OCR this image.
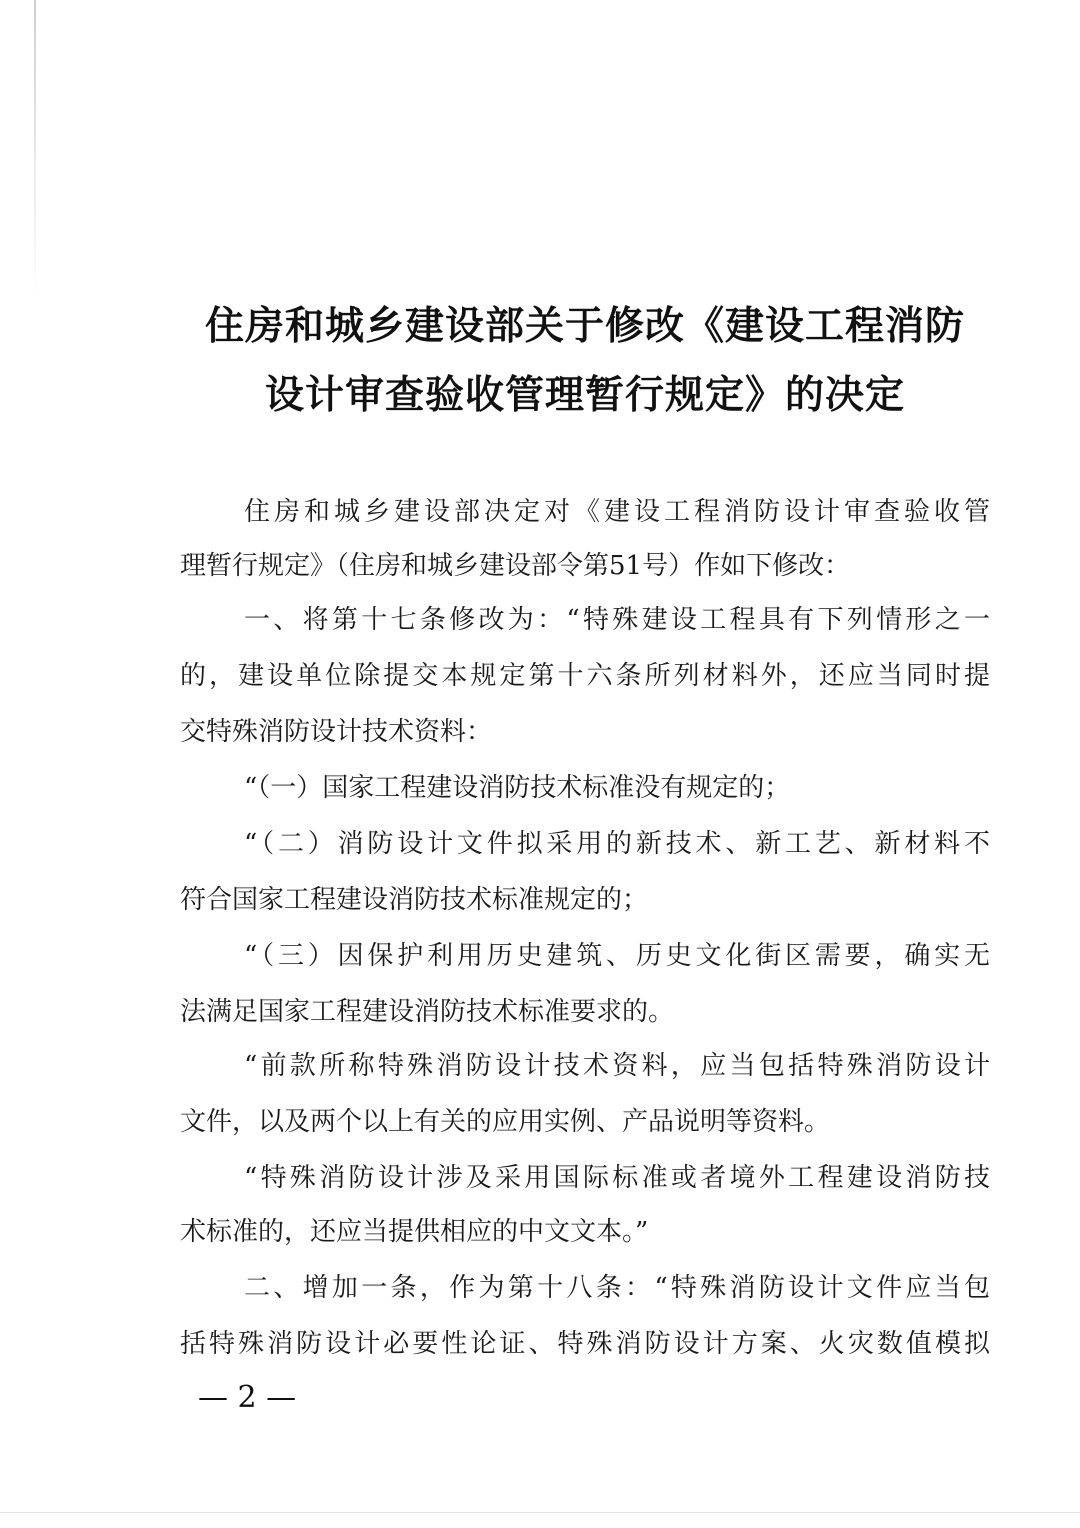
住房和城乡建设部关于修改《建设工程消防
设计审查验收管理暂行规定》的决定
住房和城乡建设部决定对《建设工程消防设计审查验收管
理暂行规定》（住房和城乡建设部令第51号）作如下修改：
一、将第十七条修改为：“特殊建设工程具有下列情形之一
的，建设单位除提交本规定第十六条所列材料外，还应当同时提
交特殊消防设计技术资料：
“（一）国家工程建设消防技术标准没有规定的；
“（二）消防设计文件拟采用的新技术、新工艺、新材料不
符合国家工程建设消防技术标准规定的；
“（三）因保护利用历史建筑、历史文化街区需要，确实无
法满足国家工程建设消防技术标准要求的。
“前款所称特殊消防设计技术资料，应当包括特殊消防设计
文件，以及两个以上有关的应用实例、产品说明等资料。
“特殊消防设计涉及采用国际标准或者境外工程建设消防技
术标准的，还应当提供相应的中文文本。”
二、增加一条，作为第十八条：“特殊消防设计文件应当包
括特殊消防设计必要性论证、特殊消防设计方案、火灾数值模拟
— 2 —
